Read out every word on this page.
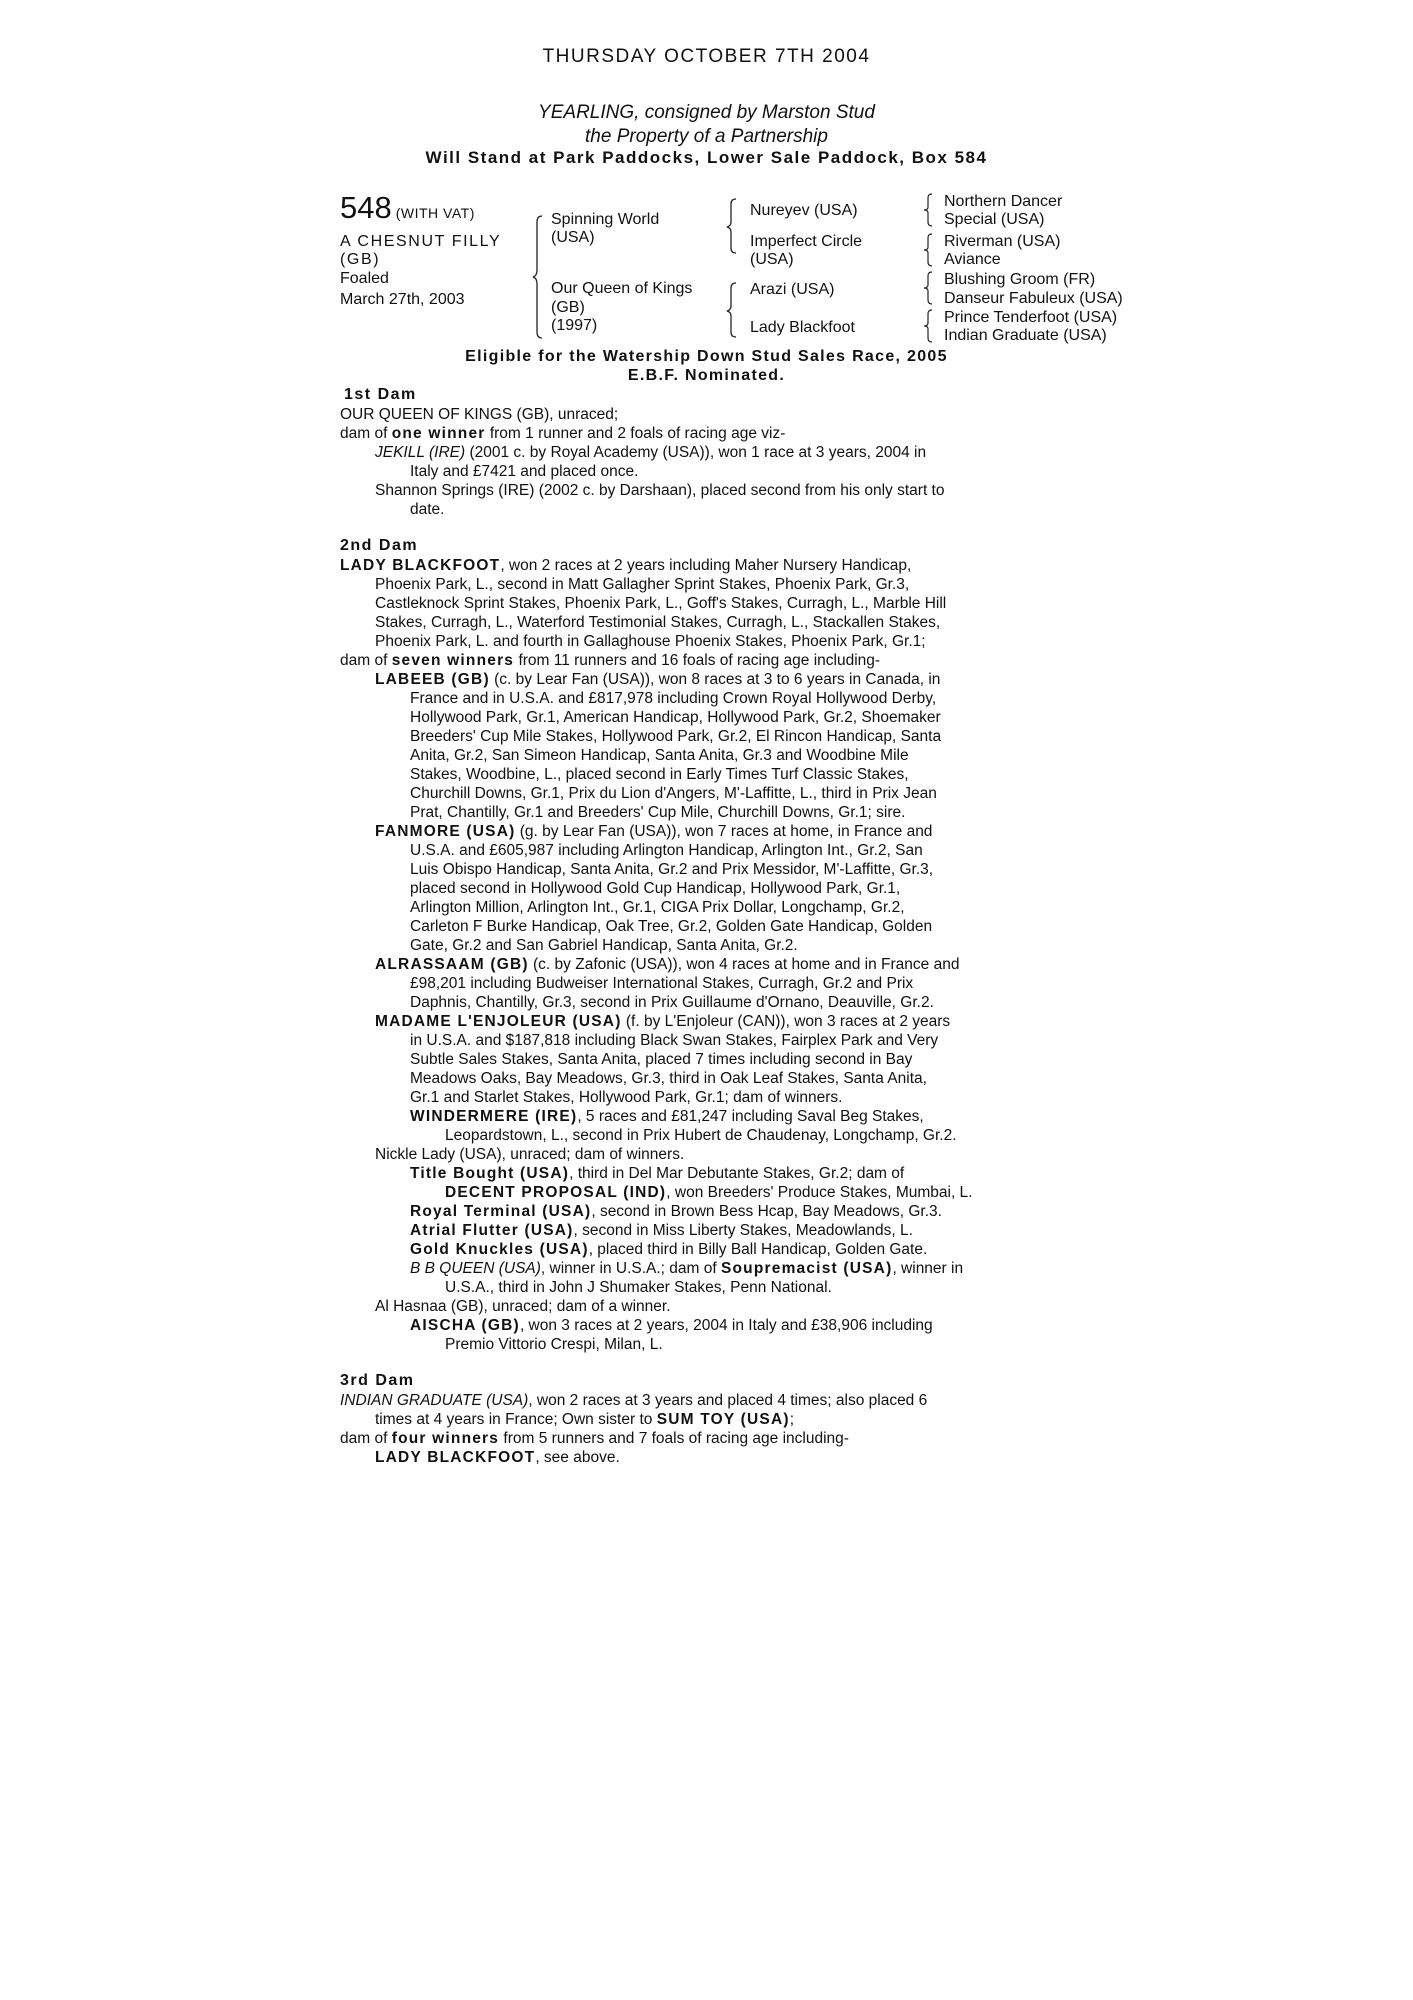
THURSDAY OCTOBER 7TH 2004
YEARLING, consigned by Marston Stud
the Property of a Partnership
Will Stand at Park Paddocks, Lower Sale Paddock, Box 584
548 (WITH VAT)
A CHESNUT FILLY
(GB)
Foaled
March 27th, 2003
Spinning World
(USA)
Our Queen of Kings
(GB)
(1997)
Nureyev (USA)
Imperfect Circle
(USA)
Arazi (USA)
Lady Blackfoot
Northern Dancer
Special (USA)
Riverman (USA)
Aviance
Blushing Groom (FR)
Danseur Fabuleux (USA)
Prince Tenderfoot (USA)
Indian Graduate (USA)
Eligible for the Watership Down Stud Sales Race, 2005
E.B.F. Nominated.
1st Dam
OUR QUEEN OF KINGS (GB), unraced;
dam of one winner from 1 runner and 2 foals of racing age viz-
JEKILL (IRE) (2001 c. by Royal Academy (USA)), won 1 race at 3 years, 2004 in
Italy and £7421 and placed once.
Shannon Springs (IRE) (2002 c. by Darshaan), placed second from his only start to
date.
2nd Dam
LADY BLACKFOOT, won 2 races at 2 years including Maher Nursery Handicap,
Phoenix Park, L., second in Matt Gallagher Sprint Stakes, Phoenix Park, Gr.3,
Castleknock Sprint Stakes, Phoenix Park, L., Goff's Stakes, Curragh, L., Marble Hill
Stakes, Curragh, L., Waterford Testimonial Stakes, Curragh, L., Stackallen Stakes,
Phoenix Park, L. and fourth in Gallaghouse Phoenix Stakes, Phoenix Park, Gr.1;
dam of seven winners from 11 runners and 16 foals of racing age including-
LABEEB (GB) (c. by Lear Fan (USA)), won 8 races at 3 to 6 years in Canada, in
France and in U.S.A. and £817,978 including Crown Royal Hollywood Derby,
Hollywood Park, Gr.1, American Handicap, Hollywood Park, Gr.2, Shoemaker
Breeders' Cup Mile Stakes, Hollywood Park, Gr.2, El Rincon Handicap, Santa
Anita, Gr.2, San Simeon Handicap, Santa Anita, Gr.3 and Woodbine Mile
Stakes, Woodbine, L., placed second in Early Times Turf Classic Stakes,
Churchill Downs, Gr.1, Prix du Lion d'Angers, M'-Laffitte, L., third in Prix Jean
Prat, Chantilly, Gr.1 and Breeders' Cup Mile, Churchill Downs, Gr.1; sire.
FANMORE (USA) (g. by Lear Fan (USA)), won 7 races at home, in France and
U.S.A. and £605,987 including Arlington Handicap, Arlington Int., Gr.2, San
Luis Obispo Handicap, Santa Anita, Gr.2 and Prix Messidor, M'-Laffitte, Gr.3,
placed second in Hollywood Gold Cup Handicap, Hollywood Park, Gr.1,
Arlington Million, Arlington Int., Gr.1, CIGA Prix Dollar, Longchamp, Gr.2,
Carleton F Burke Handicap, Oak Tree, Gr.2, Golden Gate Handicap, Golden
Gate, Gr.2 and San Gabriel Handicap, Santa Anita, Gr.2.
ALRASSAAM (GB) (c. by Zafonic (USA)), won 4 races at home and in France and
£98,201 including Budweiser International Stakes, Curragh, Gr.2 and Prix
Daphnis, Chantilly, Gr.3, second in Prix Guillaume d'Ornano, Deauville, Gr.2.
MADAME L'ENJOLEUR (USA) (f. by L'Enjoleur (CAN)), won 3 races at 2 years
in U.S.A. and $187,818 including Black Swan Stakes, Fairplex Park and Very
Subtle Sales Stakes, Santa Anita, placed 7 times including second in Bay
Meadows Oaks, Bay Meadows, Gr.3, third in Oak Leaf Stakes, Santa Anita,
Gr.1 and Starlet Stakes, Hollywood Park, Gr.1; dam of winners.
WINDERMERE (IRE), 5 races and £81,247 including Saval Beg Stakes,
Leopardstown, L., second in Prix Hubert de Chaudenay, Longchamp, Gr.2.
Nickle Lady (USA), unraced; dam of winners.
Title Bought (USA), third in Del Mar Debutante Stakes, Gr.2; dam of
DECENT PROPOSAL (IND), won Breeders' Produce Stakes, Mumbai, L.
Royal Terminal (USA), second in Brown Bess Hcap, Bay Meadows, Gr.3.
Atrial Flutter (USA), second in Miss Liberty Stakes, Meadowlands, L.
Gold Knuckles (USA), placed third in Billy Ball Handicap, Golden Gate.
B B QUEEN (USA), winner in U.S.A.; dam of Soupremacist (USA), winner in
U.S.A., third in John J Shumaker Stakes, Penn National.
Al Hasnaa (GB), unraced; dam of a winner.
AISCHA (GB), won 3 races at 2 years, 2004 in Italy and £38,906 including
Premio Vittorio Crespi, Milan, L.
3rd Dam
INDIAN GRADUATE (USA), won 2 races at 3 years and placed 4 times; also placed 6
times at 4 years in France; Own sister to SUM TOY (USA);
dam of four winners from 5 runners and 7 foals of racing age including-
LADY BLACKFOOT, see above.
